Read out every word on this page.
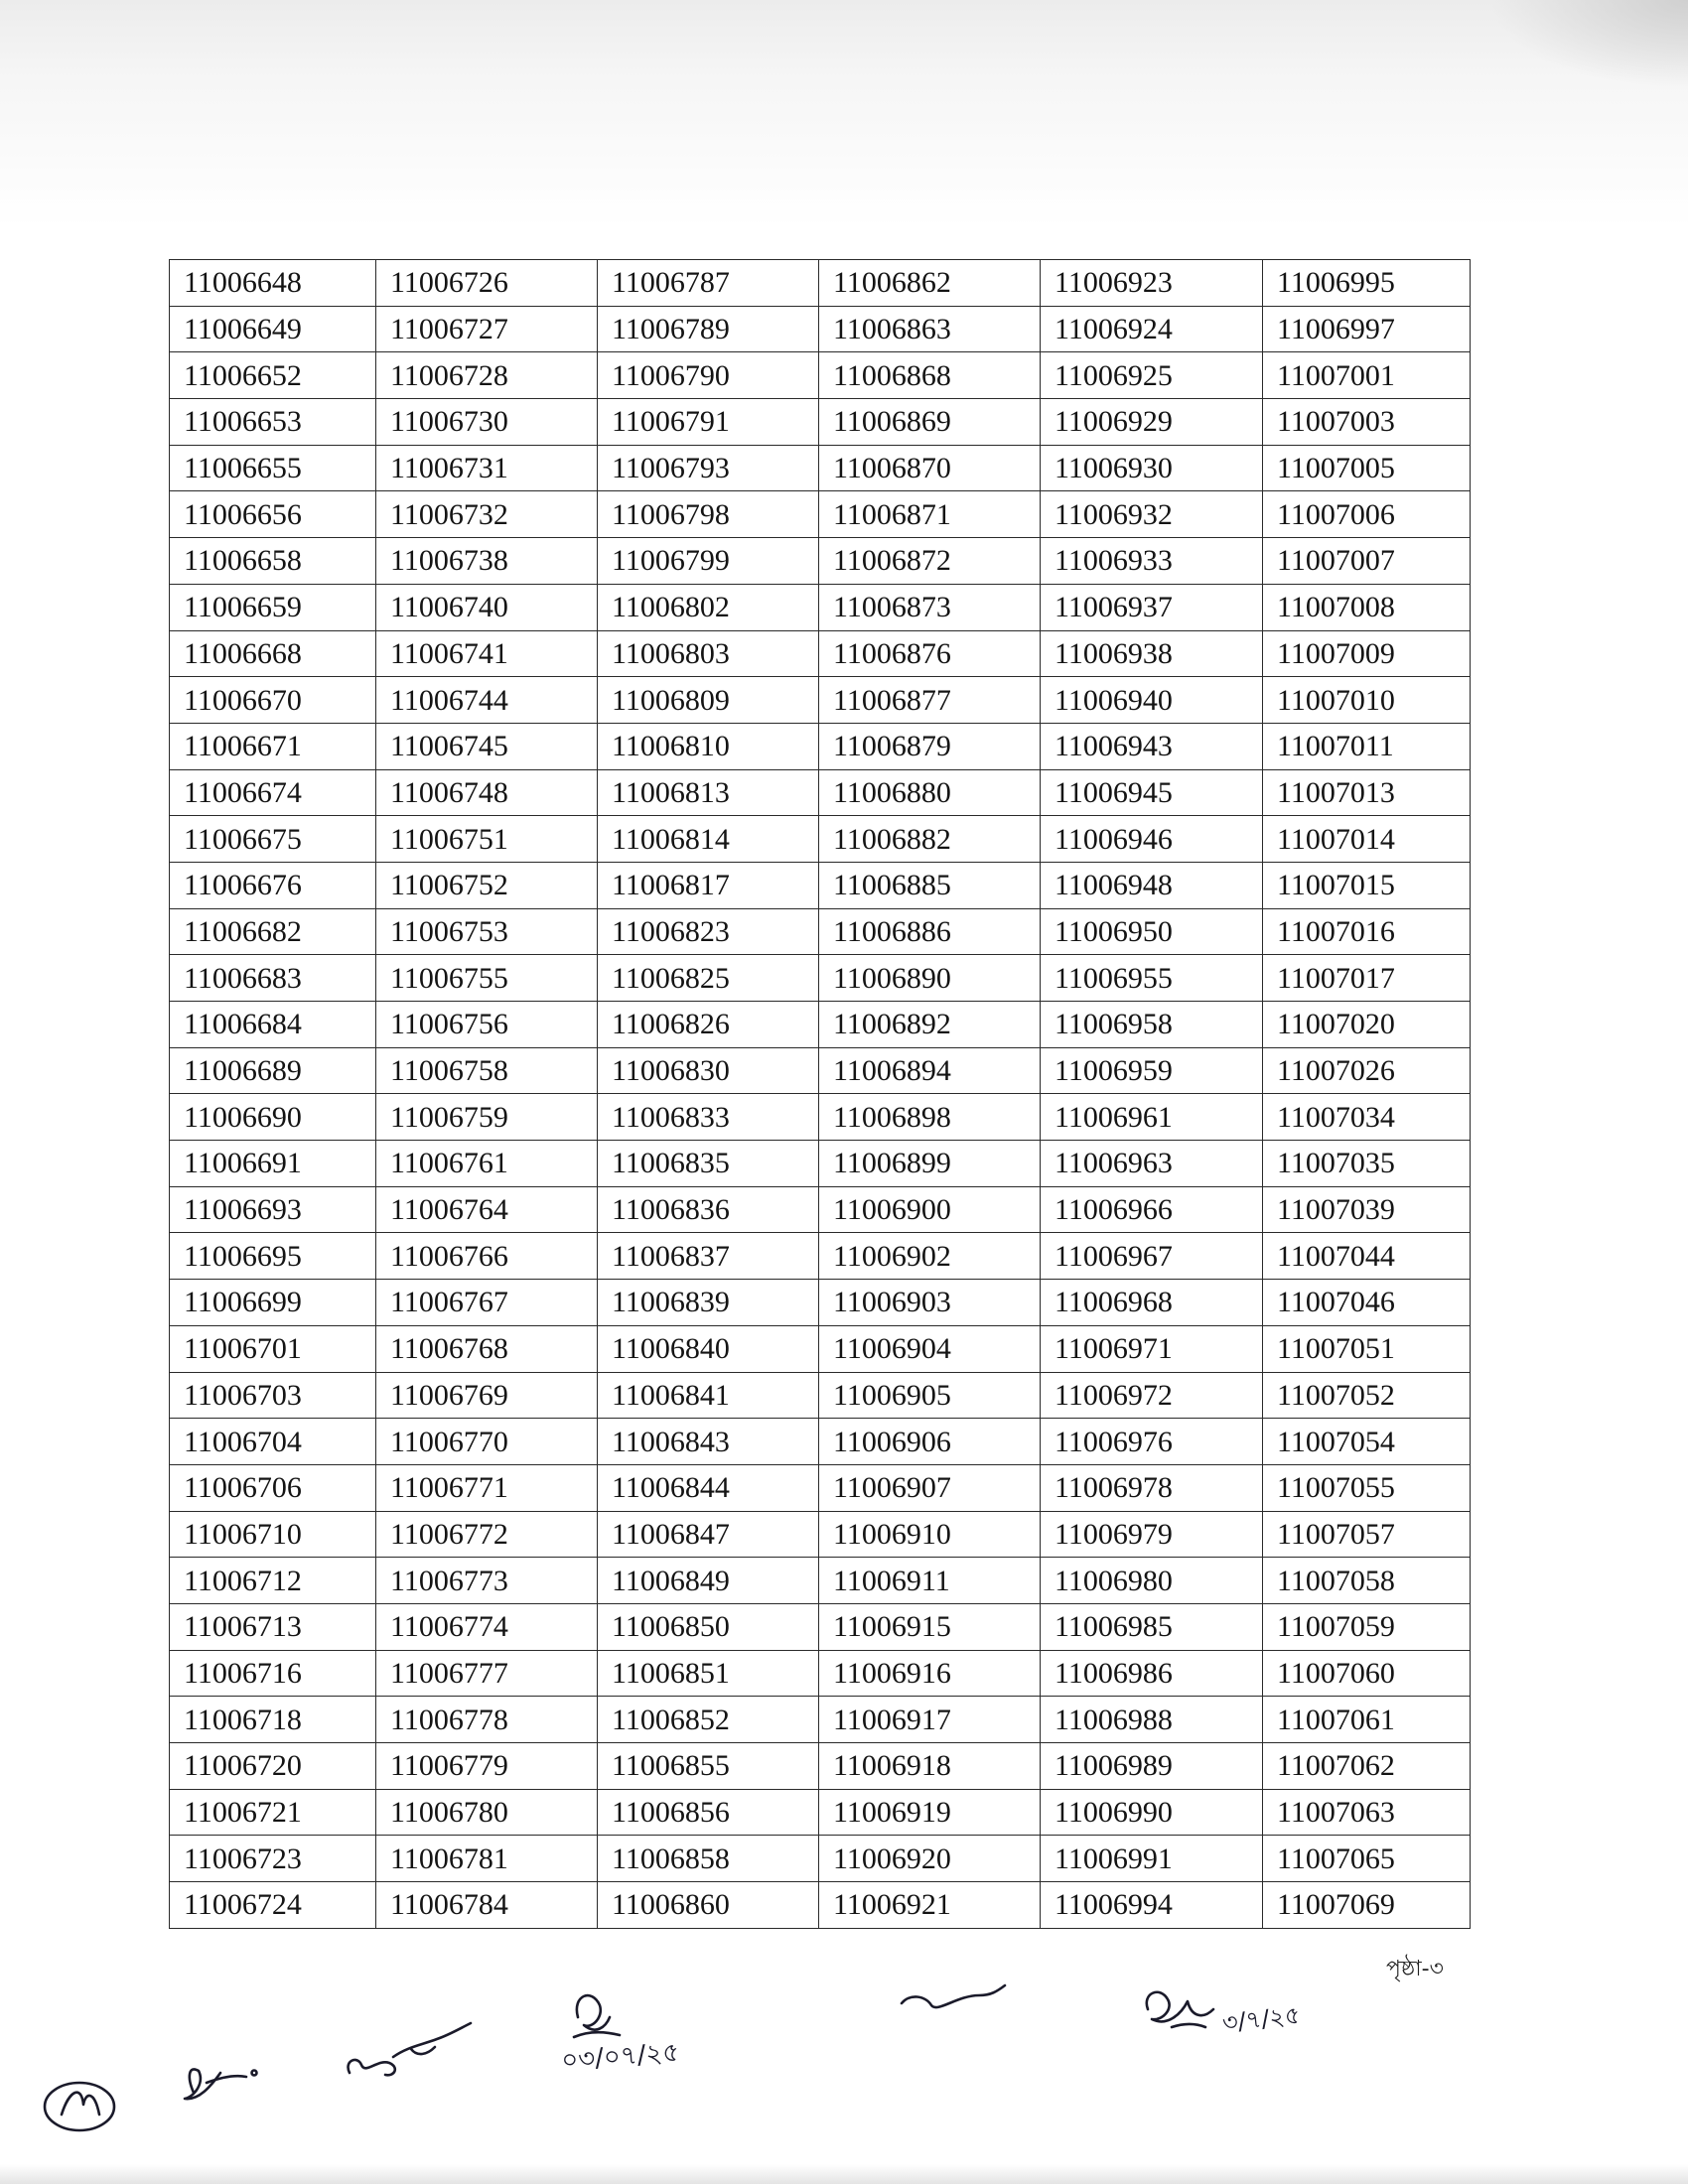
11006648	11006726	11006787	11006862	11006923	11006995
11006649	11006727	11006789	11006863	11006924	11006997
11006652	11006728	11006790	11006868	11006925	11007001
11006653	11006730	11006791	11006869	11006929	11007003
11006655	11006731	11006793	11006870	11006930	11007005
11006656	11006732	11006798	11006871	11006932	11007006
11006658	11006738	11006799	11006872	11006933	11007007
11006659	11006740	11006802	11006873	11006937	11007008
11006668	11006741	11006803	11006876	11006938	11007009
11006670	11006744	11006809	11006877	11006940	11007010
11006671	11006745	11006810	11006879	11006943	11007011
11006674	11006748	11006813	11006880	11006945	11007013
11006675	11006751	11006814	11006882	11006946	11007014
11006676	11006752	11006817	11006885	11006948	11007015
11006682	11006753	11006823	11006886	11006950	11007016
11006683	11006755	11006825	11006890	11006955	11007017
11006684	11006756	11006826	11006892	11006958	11007020
11006689	11006758	11006830	11006894	11006959	11007026
11006690	11006759	11006833	11006898	11006961	11007034
11006691	11006761	11006835	11006899	11006963	11007035
11006693	11006764	11006836	11006900	11006966	11007039
11006695	11006766	11006837	11006902	11006967	11007044
11006699	11006767	11006839	11006903	11006968	11007046
11006701	11006768	11006840	11006904	11006971	11007051
11006703	11006769	11006841	11006905	11006972	11007052
11006704	11006770	11006843	11006906	11006976	11007054
11006706	11006771	11006844	11006907	11006978	11007055
11006710	11006772	11006847	11006910	11006979	11007057
11006712	11006773	11006849	11006911	11006980	11007058
11006713	11006774	11006850	11006915	11006985	11007059
11006716	11006777	11006851	11006916	11006986	11007060
11006718	11006778	11006852	11006917	11006988	11007061
11006720	11006779	11006855	11006918	11006989	11007062
11006721	11006780	11006856	11006919	11006990	11007063
11006723	11006781	11006858	11006920	11006991	11007065
11006724	11006784	11006860	11006921	11006994	11007069
পৃষ্ঠা-৩
০৩/০৭/২৫
৩/৭/২৫
